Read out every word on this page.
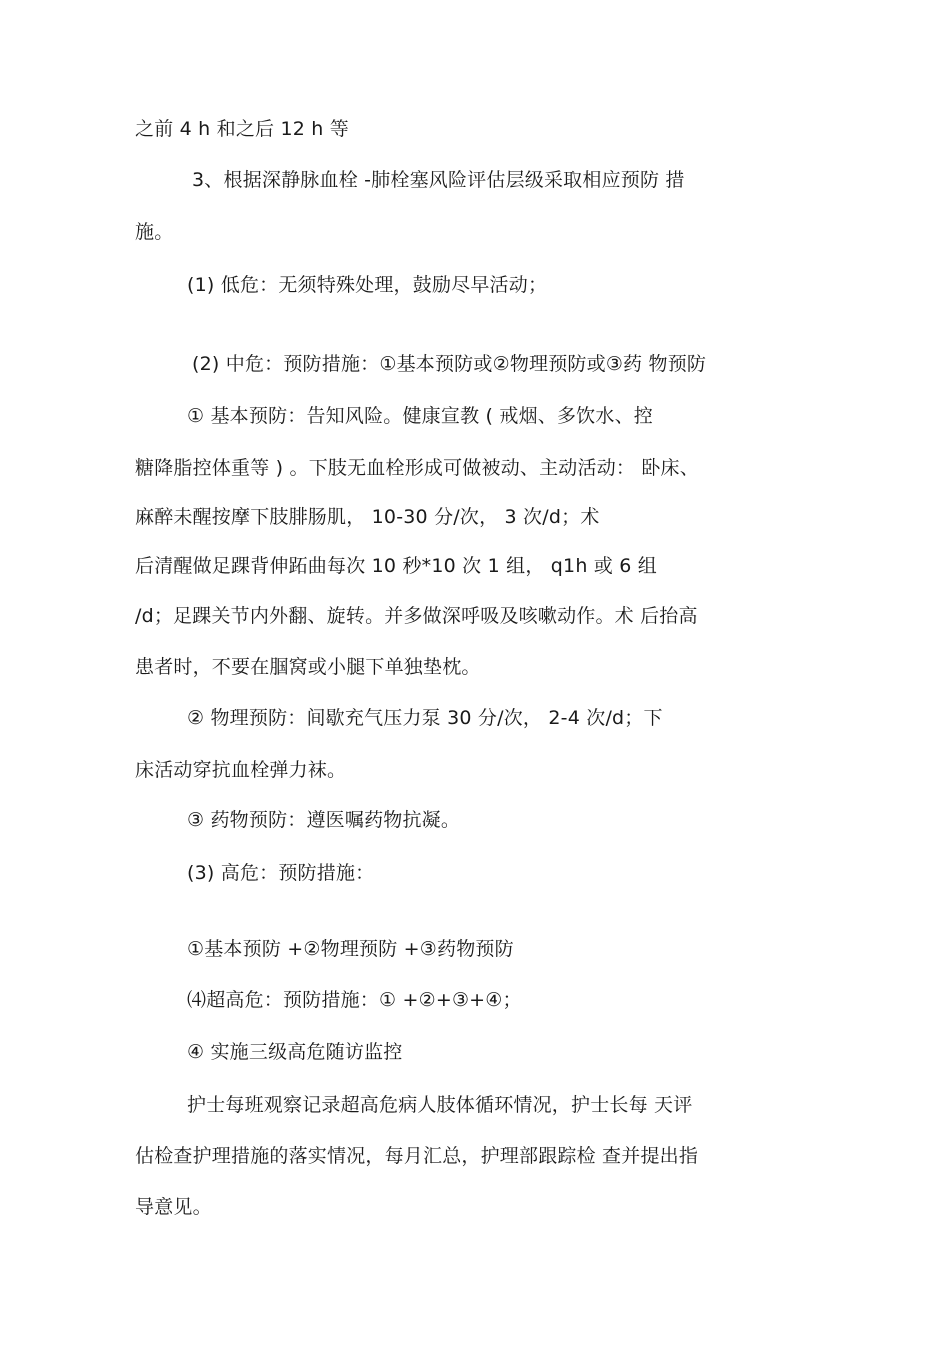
之前 4 h 和之后 12 h 等
3、根据深静脉血栓 -肺栓塞风险评估层级采取相应预防 措
施。
(1) 低危：无须特殊处理，鼓励尽早活动；
(2) 中危：预防措施：①基本预防或②物理预防或③药 物预防
① 基本预防：告知风险。健康宣教 ( 戒烟、多饮水、控
糖降脂控体重等 ) 。下肢无血栓形成可做被动、主动活动： 卧床、
麻醉未醒按摩下肢腓肠肌， 10-30 分/次， 3 次/d；术
后清醒做足踝背伸跖曲每次 10 秒*10 次 1 组， q1h 或 6 组
/d；足踝关节内外翻、旋转。并多做深呼吸及咳嗽动作。术 后抬高
患者时，不要在腘窝或小腿下单独垫枕。
② 物理预防：间歇充气压力泵 30 分/次， 2-4 次/d；下
床活动穿抗血栓弹力袜。
③ 药物预防：遵医嘱药物抗凝。
(3) 高危：预防措施：
①基本预防 +②物理预防 +③药物预防
⑷超高危：预防措施：① +②+③+④；
④ 实施三级高危随访监控
护士每班观察记录超高危病人肢体循环情况，护士长每 天评
估检查护理措施的落实情况，每月汇总，护理部跟踪检 查并提出指
导意见。
